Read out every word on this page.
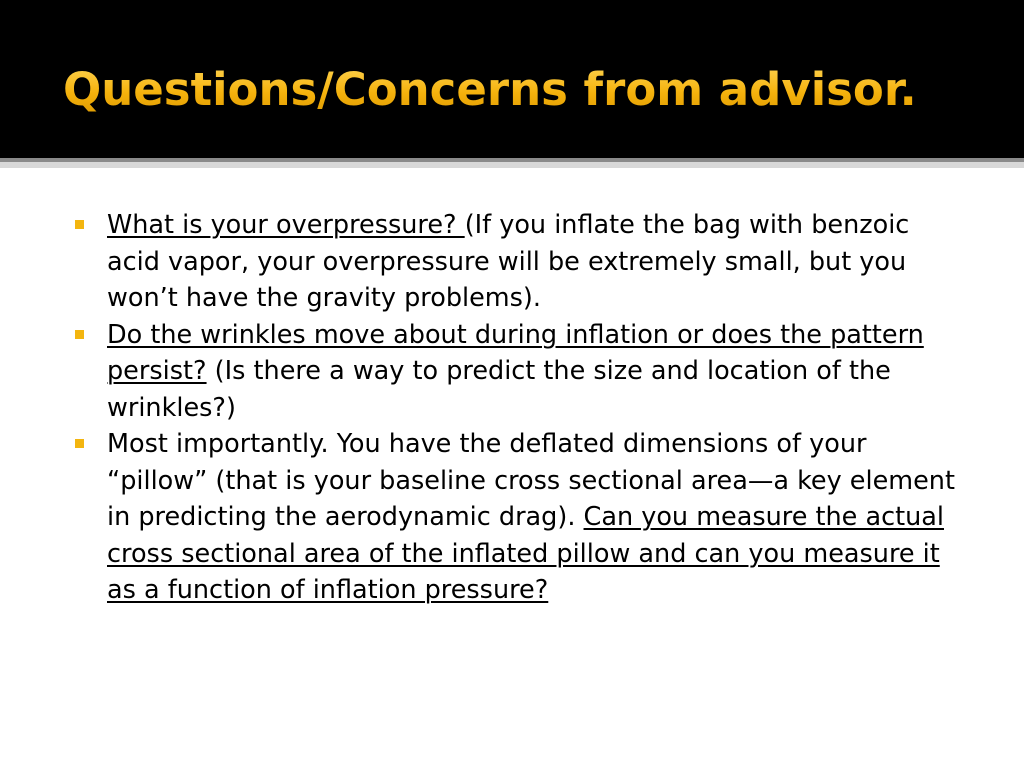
Questions/Concerns from advisor.
What is your overpressure? (If you inflate the bag with benzoic acid vapor, your overpressure will be extremely small, but you won’t have the gravity problems).
Do the wrinkles move about during inflation or does the pattern persist? (Is there a way to predict the size and location of the wrinkles?)
Most importantly. You have the deflated dimensions of your “pillow” (that is your baseline cross sectional area—a key element in predicting the aerodynamic drag). Can you measure the actual cross sectional area of the inflated pillow and can you measure it as a function of inflation pressure?
